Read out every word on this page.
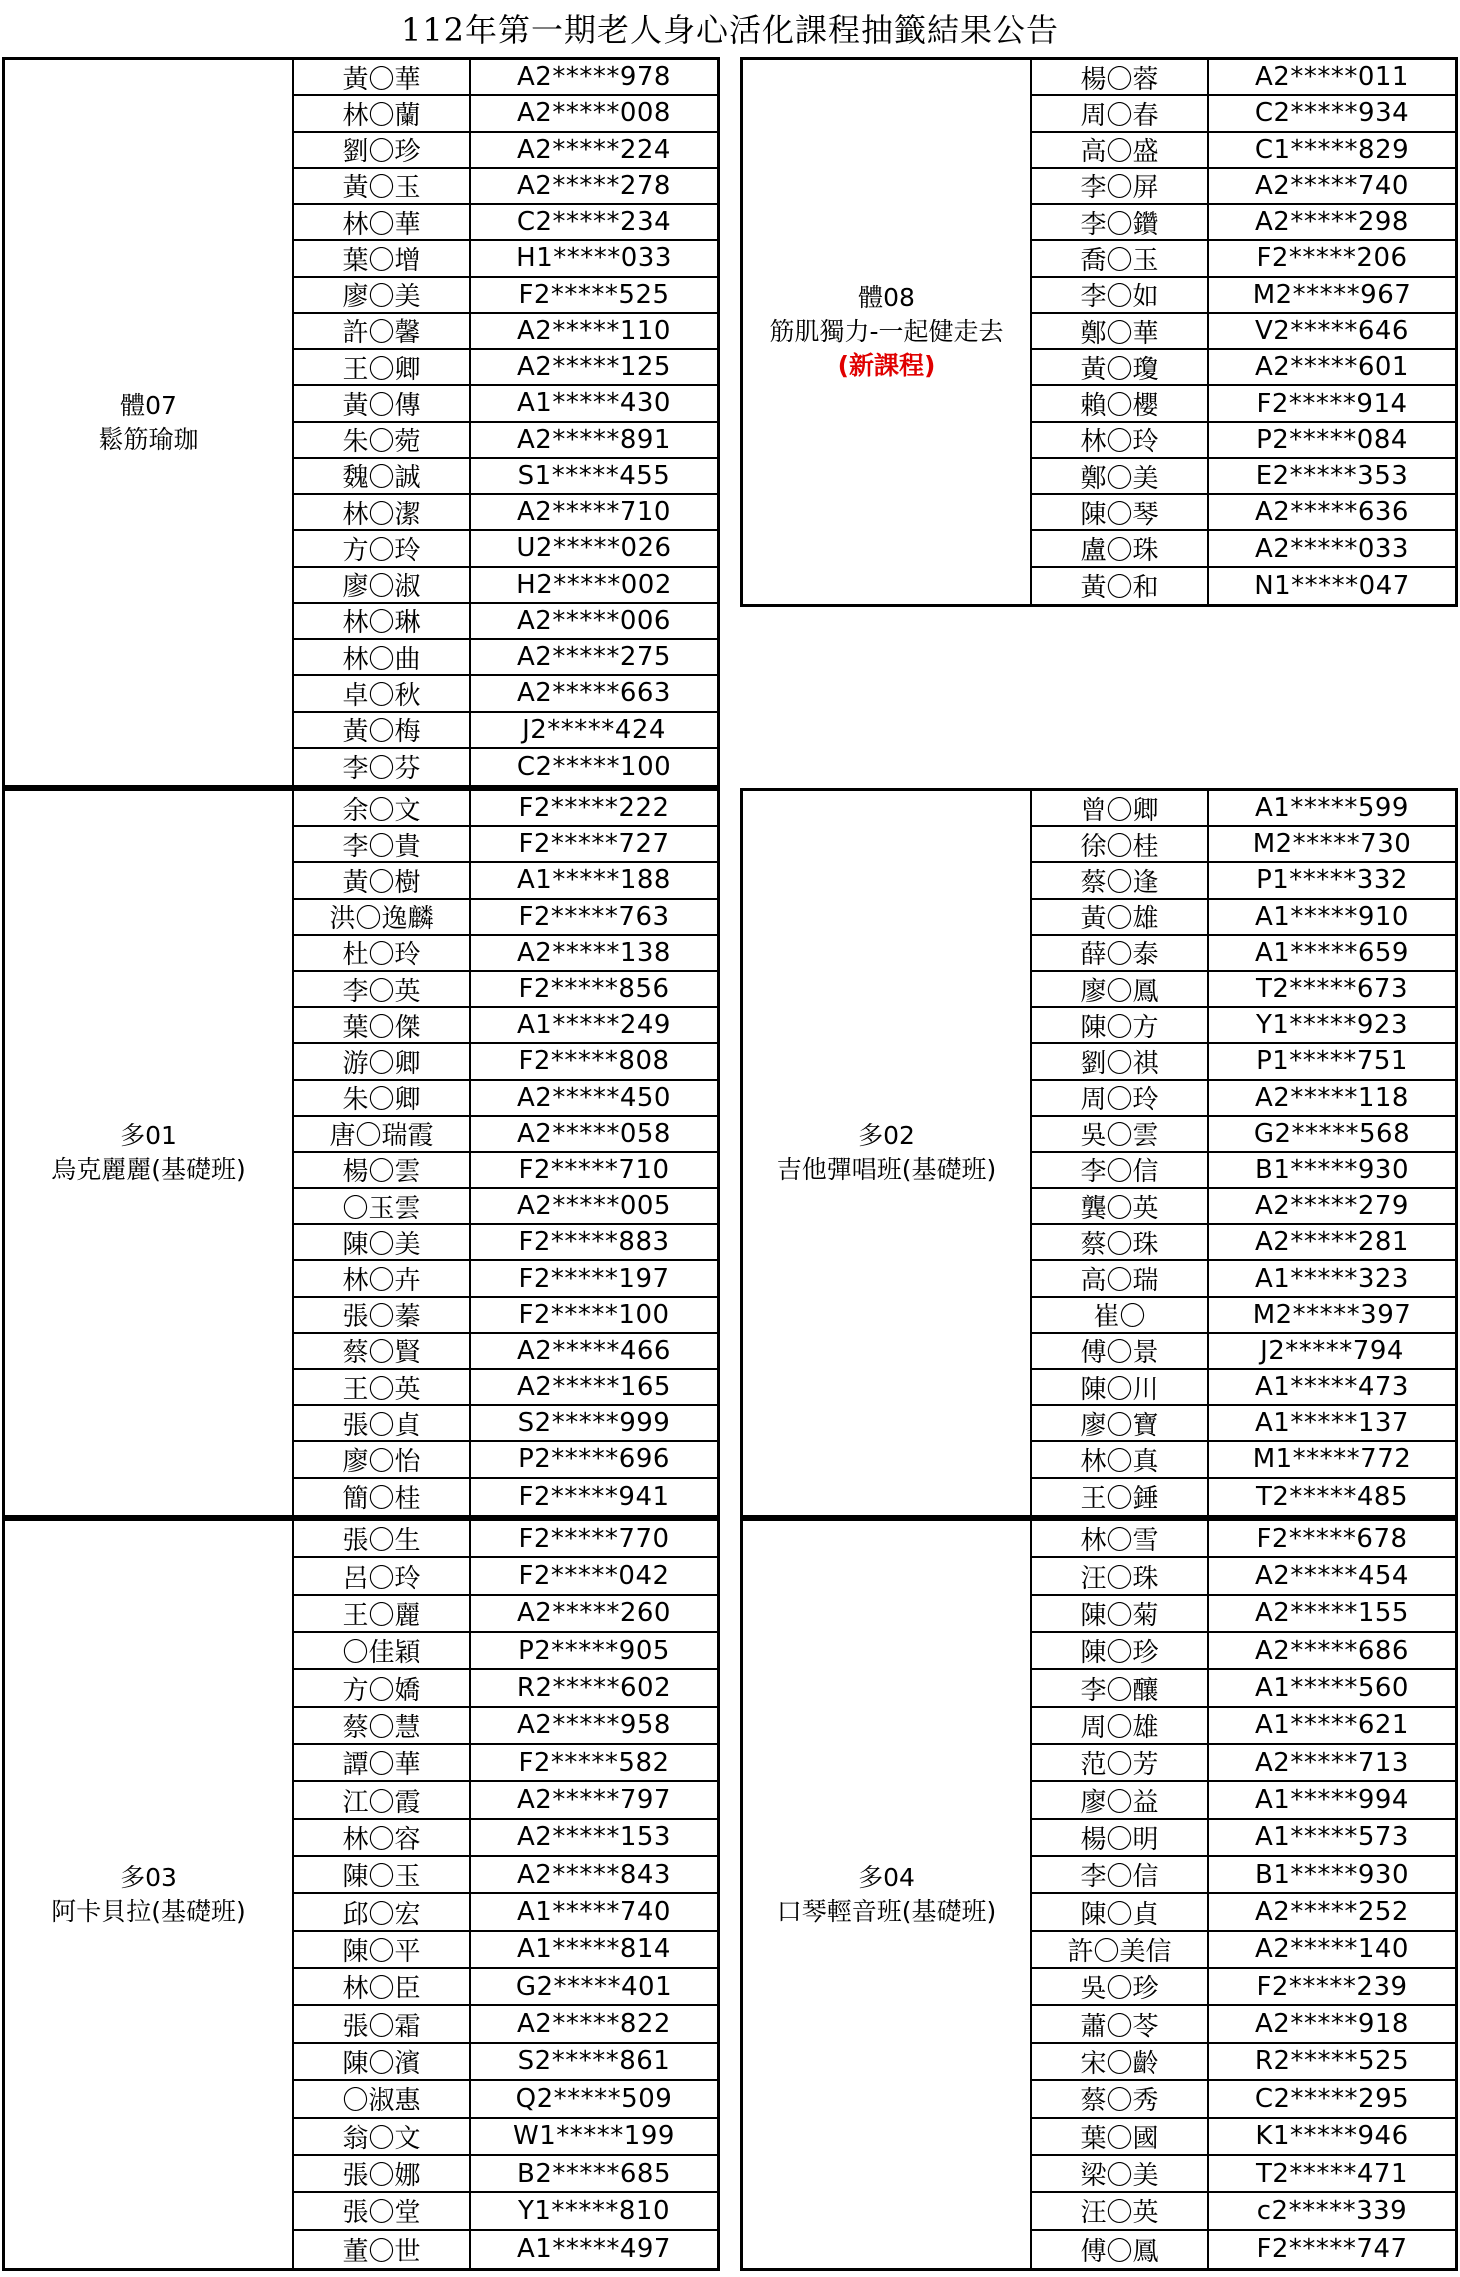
112年第一期老人身心活化課程抽籤結果公告
體07
鬆筋瑜珈
黃〇華
林〇蘭
劉〇珍
黃〇玉
林〇華
葉〇增
廖〇美
許〇馨
王〇卿
黃〇傳
朱〇菀
魏〇誠
林〇潔
方〇玲
廖〇淑
林〇琳
林〇曲
卓〇秋
黃〇梅
李〇芬
A2*****978
A2*****008
A2*****224
A2*****278
C2*****234
H1*****033
F2*****525
A2*****110
A2*****125
A1*****430
A2*****891
S1*****455
A2*****710
U2*****026
H2*****002
A2*****006
A2*****275
A2*****663
J2*****424
C2*****100
體08
筋肌獨力-一起健走去
(新課程)
楊〇蓉
周〇春
高〇盛
李〇屏
李〇鑽
喬〇玉
李〇如
鄭〇華
黃〇瓊
賴〇櫻
林〇玲
鄭〇美
陳〇琴
盧〇珠
黃〇和
A2*****011
C2*****934
C1*****829
A2*****740
A2*****298
F2*****206
M2*****967
V2*****646
A2*****601
F2*****914
P2*****084
E2*****353
A2*****636
A2*****033
N1*****047
多01
烏克麗麗(基礎班)
余〇文
李〇貴
黃〇樹
洪〇逸麟
杜〇玲
李〇英
葉〇傑
游〇卿
朱〇卿
唐〇瑞霞
楊〇雲
〇玉雲
陳〇美
林〇卉
張〇蓁
蔡〇賢
王〇英
張〇貞
廖〇怡
簡〇桂
F2*****222
F2*****727
A1*****188
F2*****763
A2*****138
F2*****856
A1*****249
F2*****808
A2*****450
A2*****058
F2*****710
A2*****005
F2*****883
F2*****197
F2*****100
A2*****466
A2*****165
S2*****999
P2*****696
F2*****941
多02
吉他彈唱班(基礎班)
曾〇卿
徐〇桂
蔡〇逢
黃〇雄
薛〇泰
廖〇鳳
陳〇方
劉〇祺
周〇玲
吳〇雲
李〇信
龔〇英
蔡〇珠
高〇瑞
崔〇
傅〇景
陳〇川
廖〇寶
林〇真
王〇錘
A1*****599
M2*****730
P1*****332
A1*****910
A1*****659
T2*****673
Y1*****923
P1*****751
A2*****118
G2*****568
B1*****930
A2*****279
A2*****281
A1*****323
M2*****397
J2*****794
A1*****473
A1*****137
M1*****772
T2*****485
多03
阿卡貝拉(基礎班)
張〇生
呂〇玲
王〇麗
〇佳穎
方〇嬌
蔡〇慧
譚〇華
江〇霞
林〇容
陳〇玉
邱〇宏
陳〇平
林〇臣
張〇霜
陳〇濱
〇淑惠
翁〇文
張〇娜
張〇堂
董〇世
F2*****770
F2*****042
A2*****260
P2*****905
R2*****602
A2*****958
F2*****582
A2*****797
A2*****153
A2*****843
A1*****740
A1*****814
G2*****401
A2*****822
S2*****861
Q2*****509
W1*****199
B2*****685
Y1*****810
A1*****497
多04
口琴輕音班(基礎班)
林〇雪
汪〇珠
陳〇菊
陳〇珍
李〇釀
周〇雄
范〇芳
廖〇益
楊〇明
李〇信
陳〇貞
許〇美信
吳〇珍
蕭〇苓
宋〇齡
蔡〇秀
葉〇國
梁〇美
汪〇英
傅〇鳳
F2*****678
A2*****454
A2*****155
A2*****686
A1*****560
A1*****621
A2*****713
A1*****994
A1*****573
B1*****930
A2*****252
A2*****140
F2*****239
A2*****918
R2*****525
C2*****295
K1*****946
T2*****471
c2*****339
F2*****747
